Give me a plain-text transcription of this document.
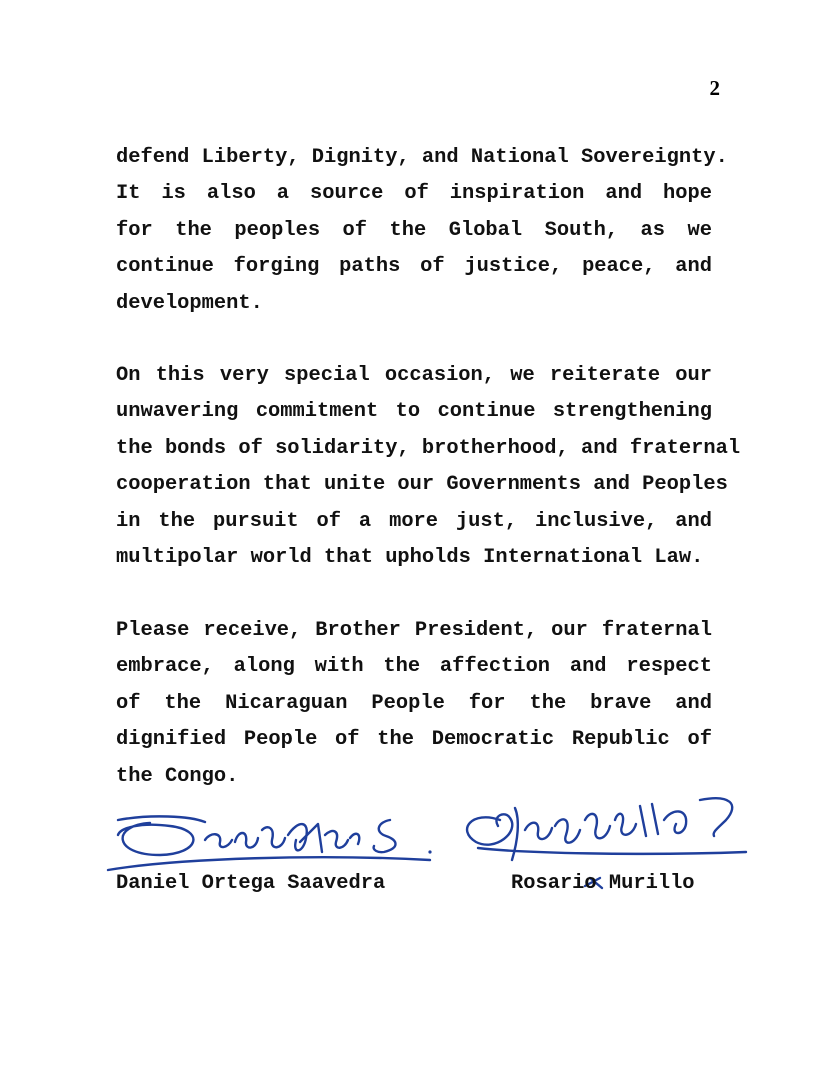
2
defend Liberty, Dignity, and National Sovereignty.
It is also a source of inspiration and hope
for the peoples of the Global South, as we
continue forging paths of justice, peace, and
development.
On this very special occasion, we reiterate our
unwavering commitment to continue strengthening
the bonds of solidarity, brotherhood, and fraternal
cooperation that unite our Governments and Peoples
in the pursuit of a more just, inclusive, and
multipolar world that upholds International Law.
Please receive, Brother President, our fraternal
embrace, along with the affection and respect
of the Nicaraguan People for the brave and
dignified People of the Democratic Republic of
the Congo.
Daniel Ortega Saavedra	Rosario Murillo
